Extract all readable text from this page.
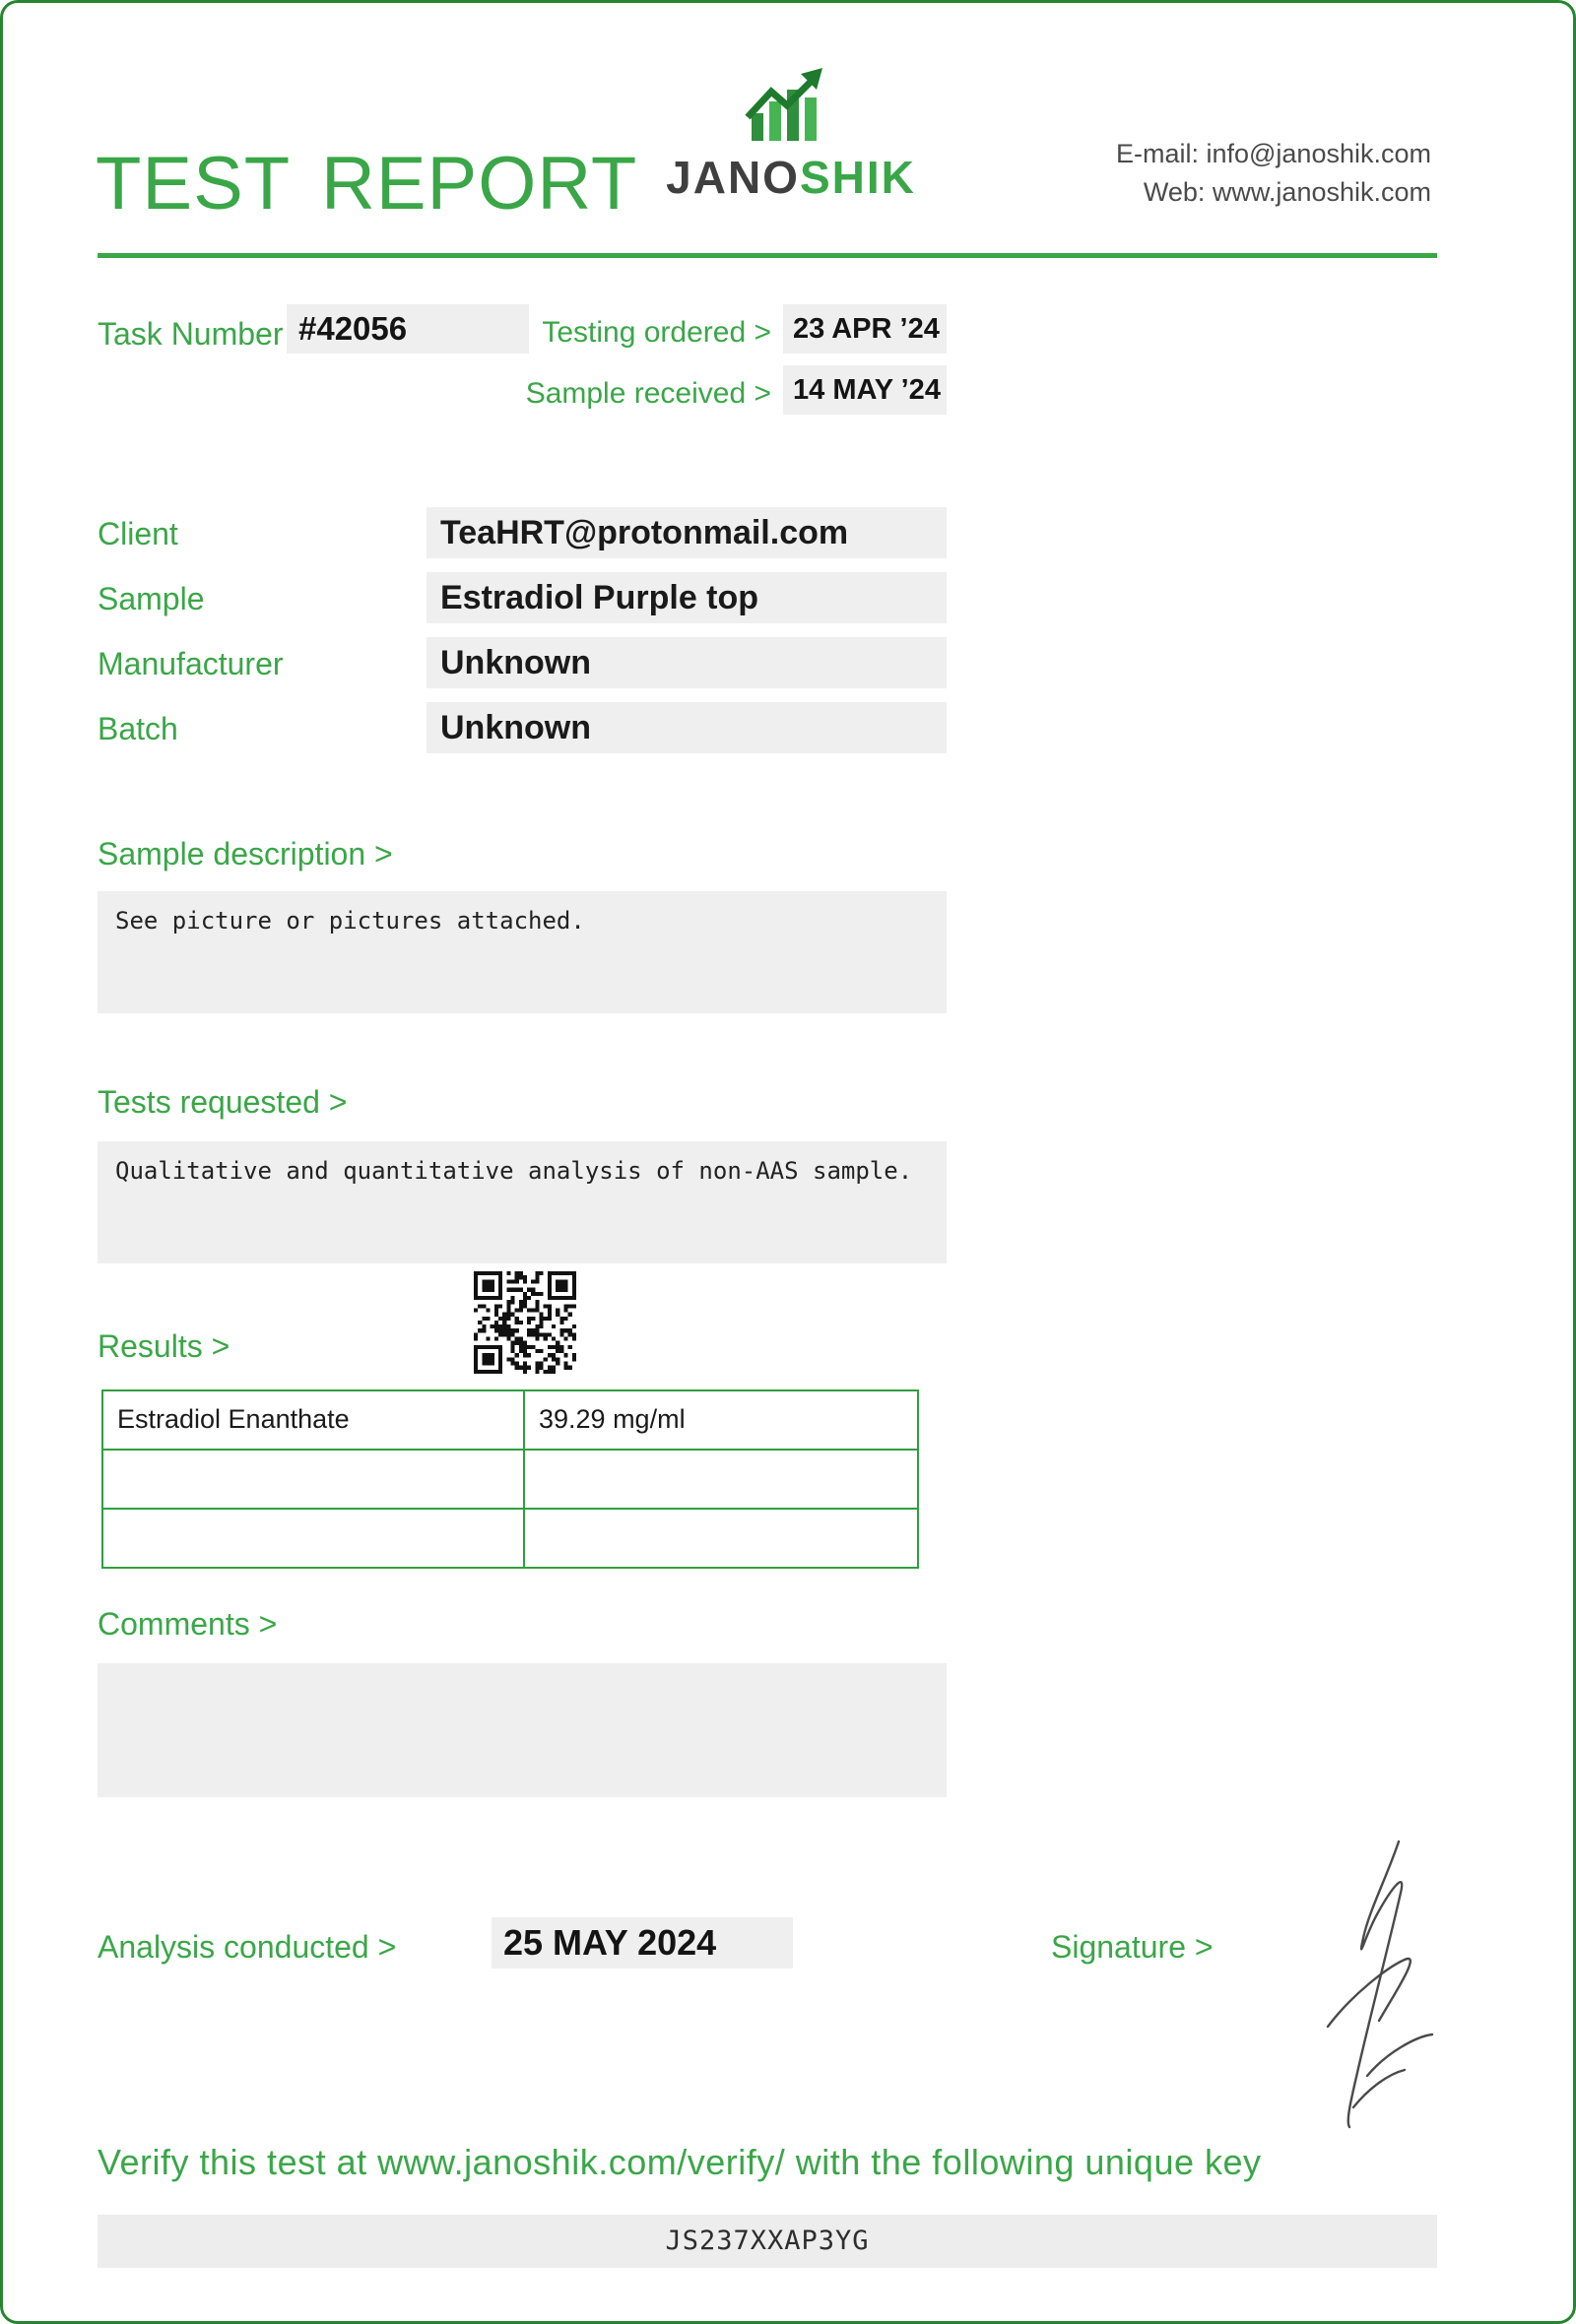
JANOSHIK
TEST REPORT	E-mail: info@janoshik.com
Web: www.janoshik.com
Task Number #42056	Testing ordered > 23 APR ’24
Sample received > 14 MAY ’24
Client	TeaHRT@protonmail.com
Sample	Estradiol Purple top
Manufacturer	Unknown
Batch	Unknown
Sample description >
See picture or pictures attached.
Tests requested >
Qualitative and quantitative analysis of non-AAS sample.
Results >
Estradiol Enanthate	39.29 mg/ml
Comments >
Analysis conducted >	25 MAY 2024	Signature >
Verify this test at www.janoshik.com/verify/ with the following unique key
JS237XXAP3YG
